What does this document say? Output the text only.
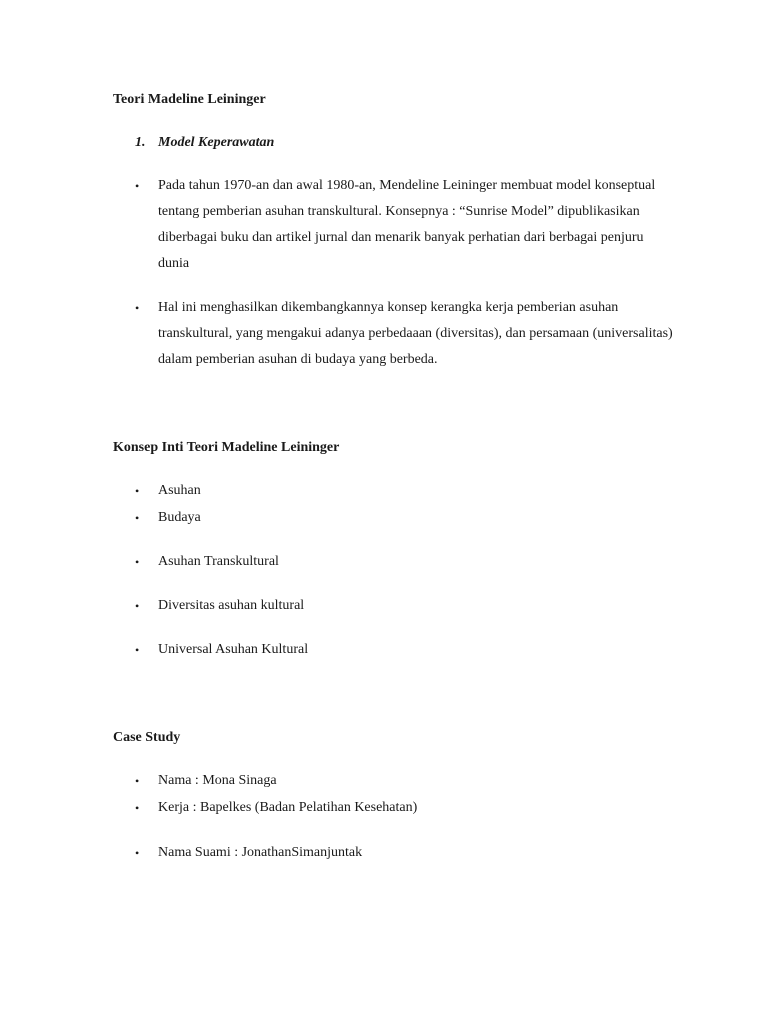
Teori Madeline Leininger
1. Model Keperawatan
•	Pada tahun 1970-an dan awal 1980-an, Mendeline Leininger membuat model konseptual tentang pemberian asuhan transkultural. Konsepnya : “Sunrise Model” dipublikasikan diberbagai buku dan artikel jurnal dan menarik banyak perhatian dari berbagai penjuru dunia
•	Hal ini menghasilkan dikembangkannya konsep kerangka kerja pemberian asuhan transkultural, yang mengakui adanya perbedaaan (diversitas), dan persamaan (universalitas) dalam pemberian asuhan di budaya yang berbeda.
Konsep Inti Teori Madeline Leininger
•	Asuhan
•	Budaya
•	Asuhan Transkultural
•	Diversitas asuhan kultural
•	Universal Asuhan Kultural
Case Study
•	Nama : Mona Sinaga
•	Kerja : Bapelkes (Badan Pelatihan Kesehatan)
•	Nama Suami : JonathanSimanjuntak
